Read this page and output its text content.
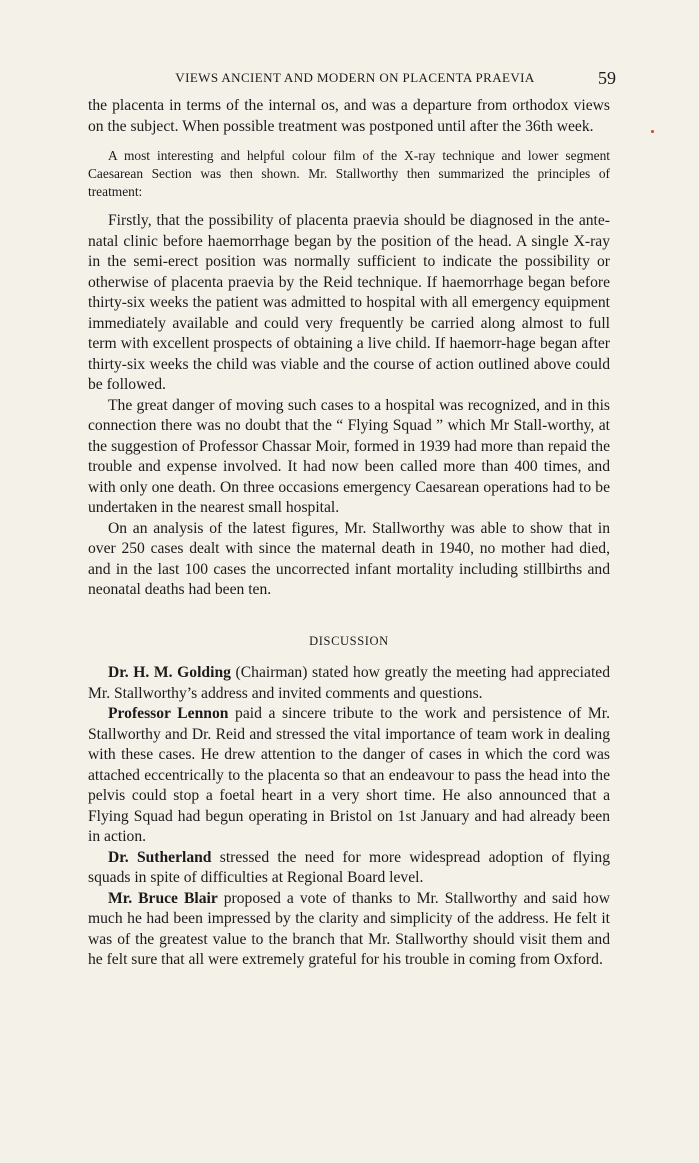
VIEWS ANCIENT AND MODERN ON PLACENTA PRAEVIA	59

the placenta in terms of the internal os, and was a departure from orthodox views on the subject. When possible treatment was postponed until after the 36th week.

A most interesting and helpful colour film of the X-ray technique and lower segment Caesarean Section was then shown. Mr. Stallworthy then summarized the principles of treatment:

Firstly, that the possibility of placenta praevia should be diagnosed in the ante-natal clinic before haemorrhage began by the position of the head. A single X-ray in the semi-erect position was normally sufficient to indicate the possibility or otherwise of placenta praevia by the Reid technique. If haemorrhage began before thirty-six weeks the patient was admitted to hospital with all emergency equipment immediately available and could very frequently be carried along almost to full term with excellent prospects of obtaining a live child. If haemorr-hage began after thirty-six weeks the child was viable and the course of action outlined above could be followed.

The great danger of moving such cases to a hospital was recognized, and in this connection there was no doubt that the “ Flying Squad ” which Mr Stall-worthy, at the suggestion of Professor Chassar Moir, formed in 1939 had more than repaid the trouble and expense involved. It had now been called more than 400 times, and with only one death. On three occasions emergency Caesarean operations had to be undertaken in the nearest small hospital.

On an analysis of the latest figures, Mr. Stallworthy was able to show that in over 250 cases dealt with since the maternal death in 1940, no mother had died, and in the last 100 cases the uncorrected infant mortality including stillbirths and neonatal deaths had been ten.

DISCUSSION

Dr. H. M. Golding (Chairman) stated how greatly the meeting had appreciated Mr. Stallworthy’s address and invited comments and questions.

Professor Lennon paid a sincere tribute to the work and persistence of Mr. Stallworthy and Dr. Reid and stressed the vital importance of team work in dealing with these cases. He drew attention to the danger of cases in which the cord was attached eccentrically to the placenta so that an endeavour to pass the head into the pelvis could stop a foetal heart in a very short time. He also announced that a Flying Squad had begun operating in Bristol on 1st January and had already been in action.

Dr. Sutherland stressed the need for more widespread adoption of flying squads in spite of difficulties at Regional Board level.

Mr. Bruce Blair proposed a vote of thanks to Mr. Stallworthy and said how much he had been impressed by the clarity and simplicity of the address. He felt it was of the greatest value to the branch that Mr. Stallworthy should visit them and he felt sure that all were extremely grateful for his trouble in coming from Oxford.
